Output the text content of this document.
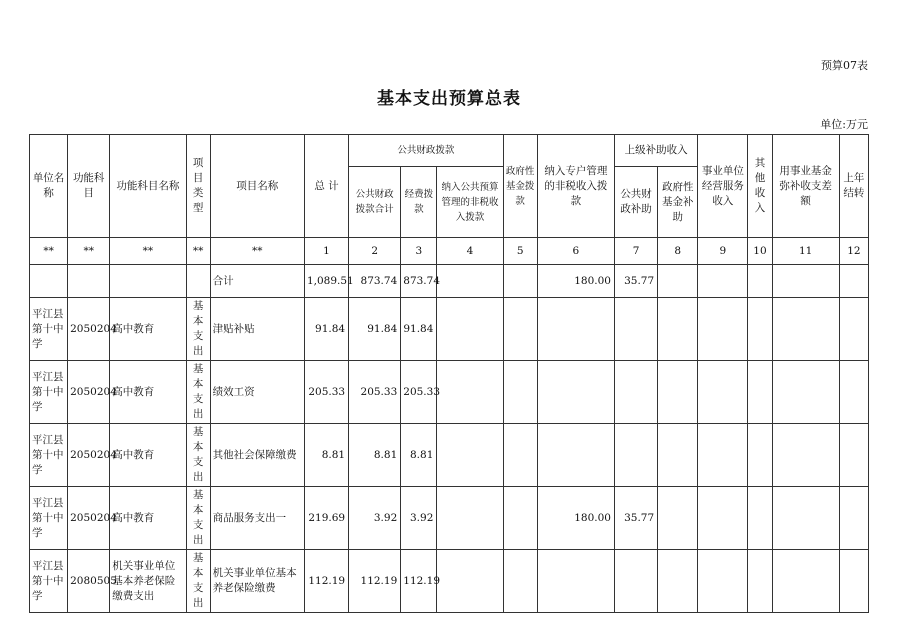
预算07表
基本支出预算总表
单位:万元
单位名称	功能科目	功能科目名称	项目类型	项目名称	总 计	公共财政拨款			政府性基金拨款	纳入专户管理的非税收入拨款	上级补助收入		事业单位经营服务收入	其他收入	用事业基金弥补收支差额	上年结转
						公共财政拨款合计	经费拨款	纳入公共预算管理的非税收入拨款			公共财政补助	政府性基金补助				
**	**	**	**	**	1	2	3	4	5	6	7	8	9	10	11	12
				合计	1,089.51	873.74	873.74			180.00	35.77					
平江县第十中学	2050204	高中教育	基本支出	津贴补贴	91.84	91.84	91.84									
平江县第十中学	2050204	高中教育	基本支出	绩效工资	205.33	205.33	205.33									
平江县第十中学	2050204	高中教育	基本支出	其他社会保障缴费	8.81	8.81	8.81									
平江县第十中学	2050204	高中教育	基本支出	商品服务支出一	219.69	3.92	3.92			180.00	35.77					
平江县第十中学	2080505	机关事业单位基本养老保险缴费支出	基本支出	机关事业单位基本养老保险缴费	112.19	112.19	112.19									
